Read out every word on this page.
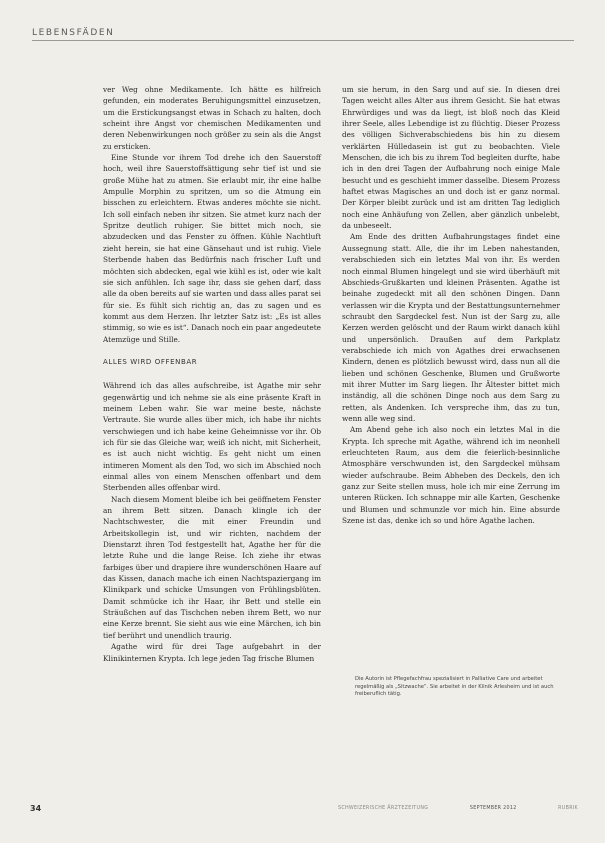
LEBENSFÄDEN

ver Weg ohne Medikamente. Ich hätte es hilfreich gefunden, ein moderates Beruhigungsmittel einzusetzen, um die Erstickungsangst etwas in Schach zu halten, doch scheint ihre Angst vor chemischen Medikamenten und deren Nebenwirkungen noch größer zu sein als die Angst zu ersticken.

Eine Stunde vor ihrem Tod drehe ich den Sauerstoff hoch, weil ihre Sauerstoffsättigung sehr tief ist und sie große Mühe hat zu atmen. Sie erlaubt mir, ihr eine halbe Ampulle Morphin zu spritzen, um so die Atmung ein bisschen zu erleichtern. Etwas anderes möchte sie nicht. Ich soll einfach neben ihr sitzen. Sie atmet kurz nach der Spritze deutlich ruhiger. Sie bittet mich noch, sie abzudecken und das Fenster zu öffnen. Kühle Nachtluft zieht herein, sie hat eine Gänsehaut und ist ruhig. Viele Sterbende haben das Bedürfnis nach frischer Luft und möchten sich abdecken, egal wie kühl es ist, oder wie kalt sie sich anfühlen. Ich sage ihr, dass sie gehen darf, dass alle da oben bereits auf sie warten und dass alles parat sei für sie. Es fühlt sich richtig an, das zu sagen und es kommt aus dem Herzen. Ihr letzter Satz ist: „Es ist alles stimmig, so wie es ist“. Danach noch ein paar angedeutete Atemzüge und Stille.

ALLES WIRD OFFENBAR

Während ich das alles aufschreibe, ist Agathe mir sehr gegenwärtig und ich nehme sie als eine präsente Kraft in meinem Leben wahr. Sie war meine beste, nächste Vertraute. Sie wurde alles über mich, ich habe ihr nichts verschwiegen und ich habe keine Geheimnisse vor ihr. Ob ich für sie das Gleiche war, weiß ich nicht, mit Sicherheit, es ist auch nicht wichtig. Es geht nicht um einen intimeren Moment als den Tod, wo sich im Abschied noch einmal alles von einem Menschen offenbart und dem Sterbenden alles offenbar wird.

Nach diesem Moment bleibe ich bei geöffnetem Fenster an ihrem Bett sitzen. Danach klingle ich der Nachtschwester, die mit einer Freundin und Arbeitskollegin ist, und wir richten, nachdem der Dienstarzt ihren Tod festgestellt hat, Agathe her für die letzte Ruhe und die lange Reise. Ich ziehe ihr etwas farbiges über und drapiere ihre wunderschönen Haare auf das Kissen, danach mache ich einen Nachtspaziergang im Klinikpark und schicke Umsungen von Frühlingsblüten. Damit schmücke ich ihr Haar, ihr Bett und stelle ein Sträußchen auf das Tischchen neben ihrem Bett, wo nur eine Kerze brennt. Sie sieht aus wie eine Märchen, ich bin tief berührt und unendlich traurig.

Agathe wird für drei Tage aufgebahrt in der Klinikinternen Krypta. Ich lege jeden Tag frische Blumen

um sie herum, in den Sarg und auf sie. In diesen drei Tagen weicht alles Alter aus ihrem Gesicht. Sie hat etwas Ehrwürdiges und was da liegt, ist bloß noch das Kleid ihrer Seele, alles Lebendige ist zu flüchtig. Dieser Prozess des völligen Sichverabschiedens bis hin zu diesem verklärten Hülledasein ist gut zu beobachten. Viele Menschen, die ich bis zu ihrem Tod begleiten durfte, habe ich in den drei Tagen der Aufbahrung noch einige Male besucht und es geschieht immer dasselbe. Diesem Prozess haftet etwas Magisches an und doch ist er ganz normal. Der Körper bleibt zurück und ist am dritten Tag lediglich noch eine Anhäufung von Zellen, aber gänzlich unbelebt, da unbeseelt.

Am Ende des dritten Aufbahrungstages findet eine Aussegnung statt. Alle, die ihr im Leben nahestanden, verabschieden sich ein letztes Mal von ihr. Es werden noch einmal Blumen hingelegt und sie wird überhäuft mit Abschieds-Grußkarten und kleinen Präsenten. Agathe ist beinahe zugedeckt mit all den schönen Dingen. Dann verlassen wir die Krypta und der Bestattungsunternehmer schraubt den Sargdeckel fest. Nun ist der Sarg zu, alle Kerzen werden gelöscht und der Raum wirkt danach kühl und unpersönlich. Draußen auf dem Parkplatz verabschiede ich mich von Agathes drei erwachsenen Kindern, denen es plötzlich bewusst wird, dass nun all die lieben und schönen Geschenke, Blumen und Grußworte mit ihrer Mutter im Sarg liegen. Ihr Ältester bittet mich inständig, all die schönen Dinge noch aus dem Sarg zu retten, als Andenken. Ich verspreche ihm, das zu tun, wenn alle weg sind.

Am Abend gehe ich also noch ein letztes Mal in die Krypta. Ich spreche mit Agathe, während ich im neonhell erleuchteten Raum, aus dem die feierlich-besinnliche Atmosphäre verschwunden ist, den Sargdeckel mühsam wieder aufschraube. Beim Abheben des Deckels, den ich ganz zur Seite stellen muss, hole ich mir eine Zerrung im unteren Rücken. Ich schnappe mir alle Karten, Geschenke und Blumen und schmunzle vor mich hin. Eine absurde Szene ist das, denke ich so und höre Agathe lachen.

Die Autorin ist Pflegefachfrau spezialisiert in Palliative Care und arbeitet regelmäßig als „Sitzwache“. Sie arbeitet in der Klinik Arlesheim und ist auch freiberuflich tätig.
34	SCHWEIZERISCHE ÄRZTEZEITUNG	SEPTEMBER 2012	RUBRIK
